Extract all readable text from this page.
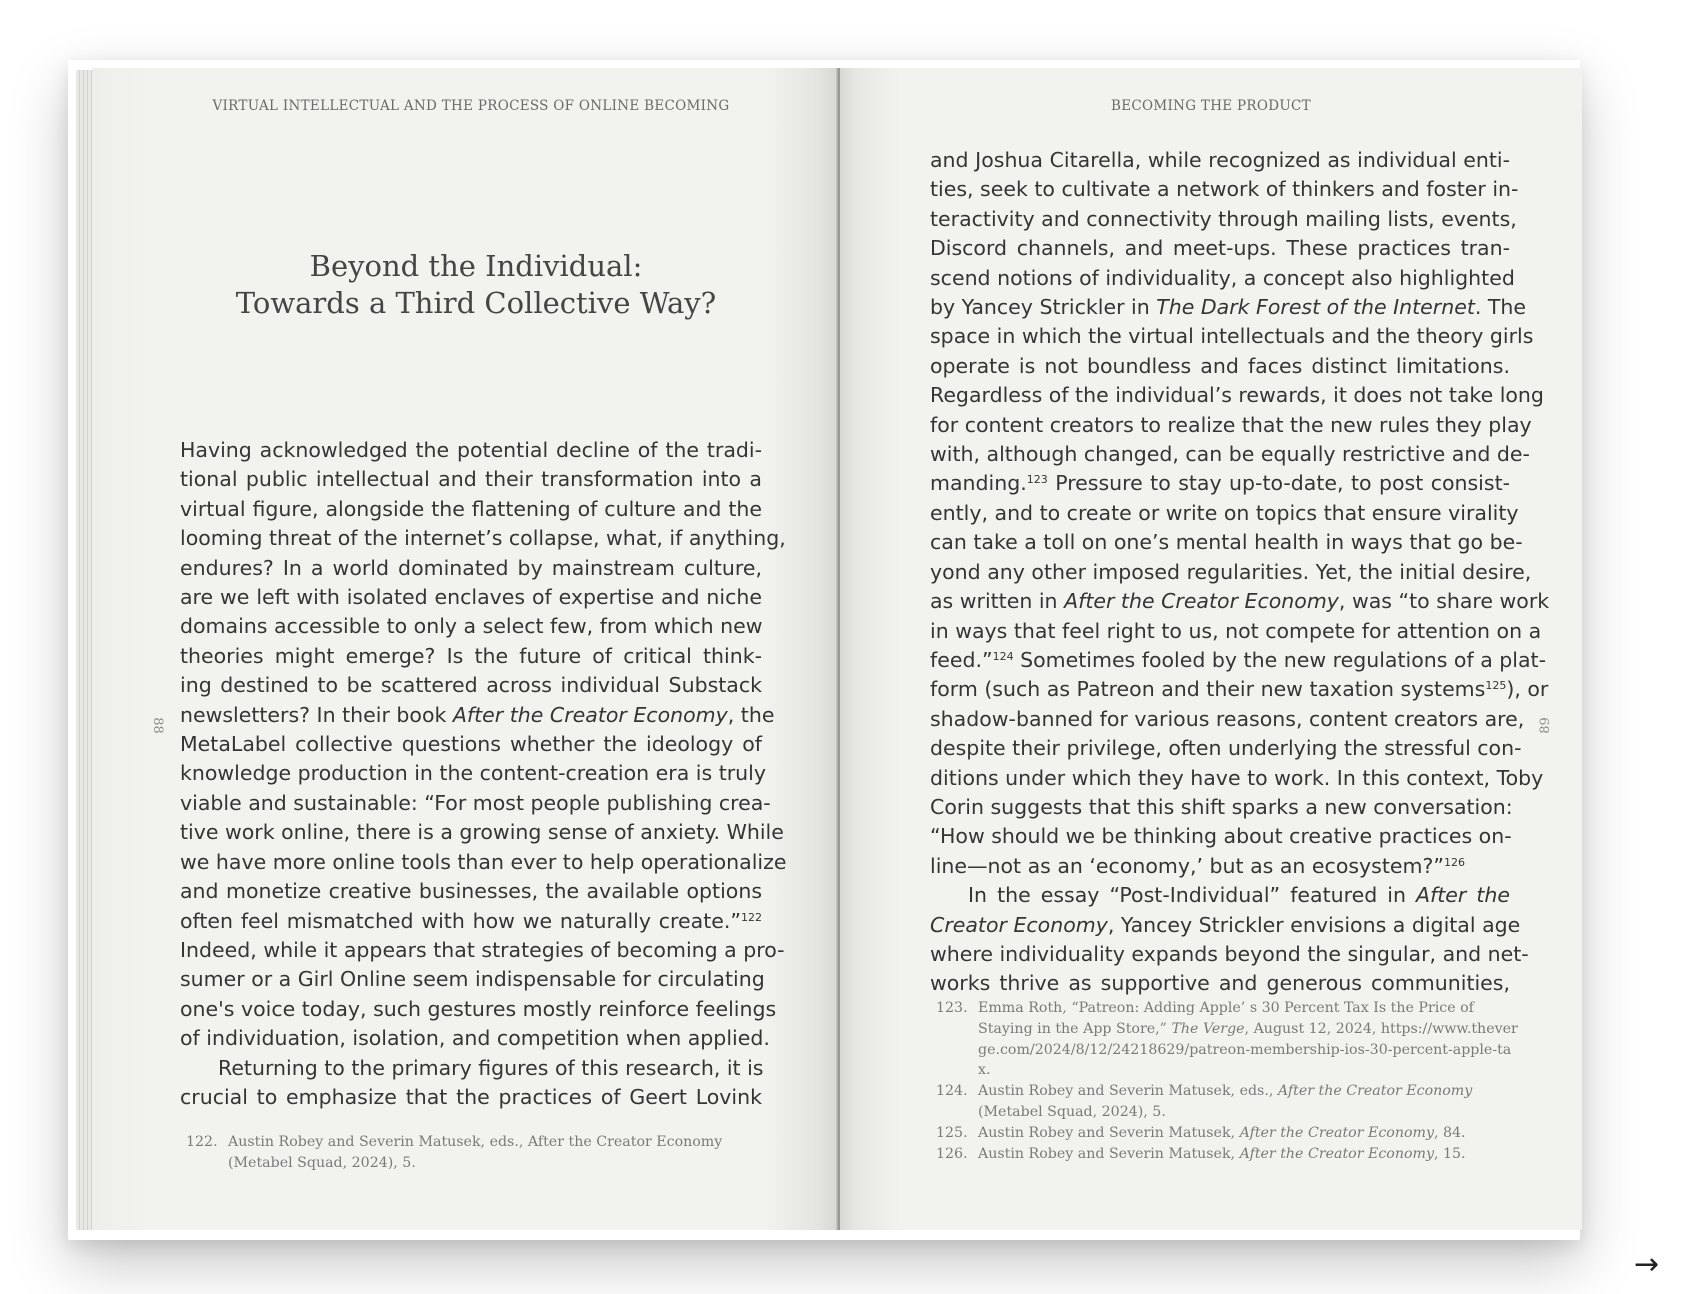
VIRTUAL INTELLECTUAL AND THE PROCESS OF ONLINE BECOMING
88
Beyond the Individual:
Towards a Third Collective Way?
Having acknowledged the potential decline of the tradi-
tional public intellectual and their transformation into a
virtual figure, alongside the flattening of culture and the
looming threat of the internet’s collapse, what, if anything,
endures? In a world dominated by mainstream culture,
are we left with isolated enclaves of expertise and niche
domains accessible to only a select few, from which new
theories might emerge? Is the future of critical think-
ing destined to be scattered across individual Substack
newsletters? In their book After the Creator Economy, the
MetaLabel collective questions whether the ideology of
knowledge production in the content-creation era is truly
viable and sustainable: “For most people publishing crea-
tive work online, there is a growing sense of anxiety. While
we have more online tools than ever to help operationalize
and monetize creative businesses, the available options
often feel mismatched with how we naturally create.”$^{122}$
Indeed, while it appears that strategies of becoming a pro-
sumer or a Girl Online seem indispensable for circulating
one's voice today, such gestures mostly reinforce feelings
of individuation, isolation, and competition when applied.
Returning to the primary figures of this research, it is
crucial to emphasize that the practices of Geert Lovink
122. Austin Robey and Severin Matusek, eds., After the Creator Economy (Metabel Squad, 2024), 5.
BECOMING THE PRODUCT
89
and Joshua Citarella, while recognized as individual enti-
ties, seek to cultivate a network of thinkers and foster in-
teractivity and connectivity through mailing lists, events,
Discord channels, and meet-ups. These practices tran-
scend notions of individuality, a concept also highlighted
by Yancey Strickler in The Dark Forest of the Internet. The
space in which the virtual intellectuals and the theory girls
operate is not boundless and faces distinct limitations.
Regardless of the individual’s rewards, it does not take long
for content creators to realize that the new rules they play
with, although changed, can be equally restrictive and de-
manding.$^{123}$ Pressure to stay up-to-date, to post consist-
ently, and to create or write on topics that ensure virality
can take a toll on one’s mental health in ways that go be-
yond any other imposed regularities. Yet, the initial desire,
as written in After the Creator Economy, was “to share work
in ways that feel right to us, not compete for attention on a
feed.”$^{124}$ Sometimes fooled by the new regulations of a plat-
form (such as Patreon and their new taxation systems$^{125}$), or
shadow-banned for various reasons, content creators are,
despite their privilege, often underlying the stressful con-
ditions under which they have to work. In this context, Toby
Corin suggests that this shift sparks a new conversation:
“How should we be thinking about creative practices on-
line—not as an ‘economy,’ but as an ecosystem?”$^{126}$
In the essay “Post-Individual” featured in After the
Creator Economy, Yancey Strickler envisions a digital age
where individuality expands beyond the singular, and net-
works thrive as supportive and generous communities,
123. Emma Roth, “Patreon: Adding Apple’ s 30 Percent Tax Is the Price of Staying in the App Store,” The Verge, August 12, 2024, https://www.theverge.com/2024/8/12/24218629/patreon-membership-ios-30-percent-apple-tax.
124. Austin Robey and Severin Matusek, eds., After the Creator Economy (Metabel Squad, 2024), 5.
125. Austin Robey and Severin Matusek, After the Creator Economy, 84.
126. Austin Robey and Severin Matusek, After the Creator Economy, 15.
→
